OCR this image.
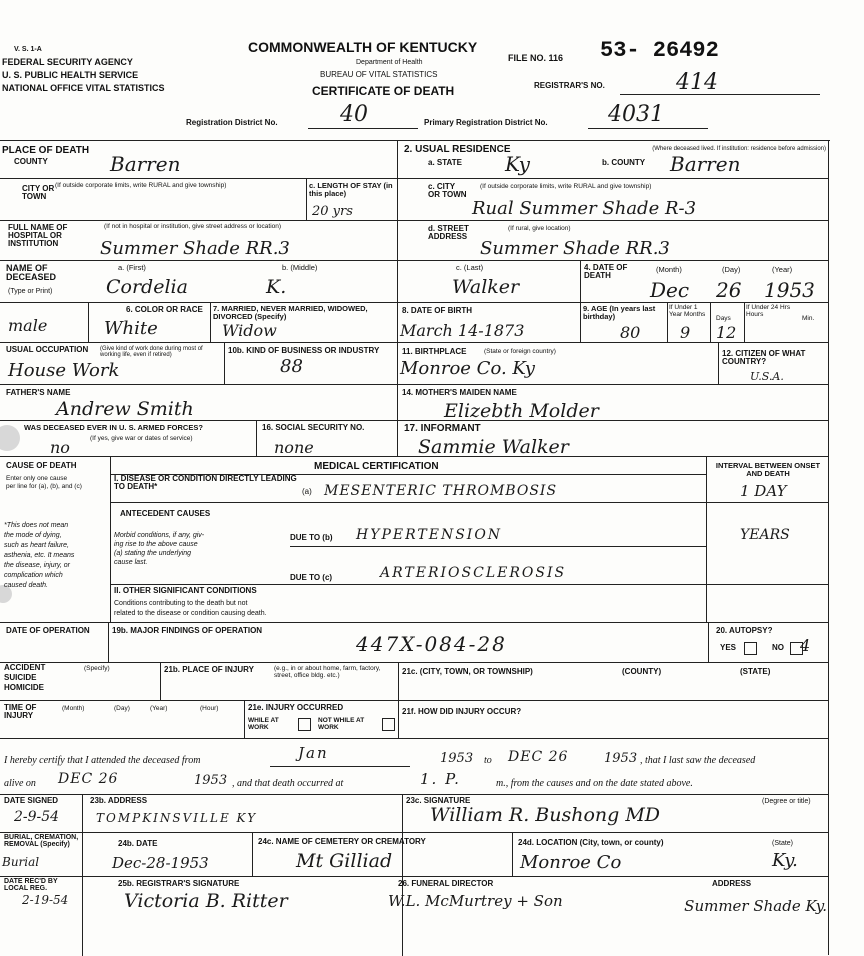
V. S. 1-A
FEDERAL SECURITY AGENCY
U. S. PUBLIC HEALTH SERVICE
NATIONAL OFFICE VITAL STATISTICS
COMMONWEALTH OF KENTUCKY
Department of Health
BUREAU OF VITAL STATISTICS
CERTIFICATE OF DEATH
FILE NO. 116 53- 26492
REGISTRAR'S NO.	414
Registration District No.	40	Primary Registration District No.	4031
PLACE OF DEATH
COUNTY	Barren
CITY OR TOWN
(If outside corporate limits, write RURAL and give township)	c. LENGTH OF STAY (in this place)
20 yrs
FULL NAME OF HOSPITAL OR INSTITUTION
(If not in hospital or institution, give street address or location)
Summer Shade RR.3
2. USUAL RESIDENCE	(Where deceased lived. If institution: residence before admission)
a. STATE Ky	b. COUNTY Barren
c. CITY OR TOWN
(If outside corporate limits, write RURAL and give township)
Rual Summer Shade R-3
d. STREET ADDRESS
(If rural, give location)
Summer Shade RR.3
NAME OF DECEASED
(Type or Print)
a. (First)
Cordelia
b. (Middle)
K.
c. (Last)
Walker
4. DATE OF DEATH
(Month)	(Day)	(Year)
Dec 26 1953
male
6. COLOR OR RACE
White
7. MARRIED, NEVER MARRIED, WIDOWED, DIVORCED (Specify)
Widow
8. DATE OF BIRTH
March 14-1873
9. AGE (In years last birthday)
80
If Under 1 Year Months
9
Days
12
If Under 24 Hrs Hours
Min.
USUAL OCCUPATION (Give kind of work done during most of working life, even if retired)
House Work
10b. KIND OF BUSINESS OR INDUSTRY
88
11. BIRTHPLACE	(State or foreign country)
Monroe Co. Ky
12. CITIZEN OF WHAT COUNTRY?
U.S.A.
FATHER'S NAME
Andrew Smith
14. MOTHER'S MAIDEN NAME
Elizebth Molder
WAS DECEASED EVER IN U. S. ARMED FORCES?
(If yes, give war or dates of service)
no
16. SOCIAL SECURITY NO.
none
17. INFORMANT
Sammie Walker
MEDICAL CERTIFICATION	INTERVAL BETWEEN ONSET AND DEATH
CAUSE OF DEATH
Enter only one cause
per line for (a), (b), and (c)
I. DISEASE OR CONDITION DIRECTLY LEADING TO DEATH*
(a) MESENTERIC THROMBOSIS	1 DAY
ANTECEDENT CAUSES
Morbid conditions, if any, giv-
ing rise to the above cause
(a) stating the underlying
cause last.
DUE TO (b) HYPERTENSION	YEARS
DUE TO (c)	ARTERIOSCLEROSIS
II. OTHER SIGNIFICANT CONDITIONS
Conditions contributing to the death but not
related to the disease or condition causing death.
*This does not mean
the mode of dying,
such as heart failure,
asthenia, etc. It means
the disease, injury, or
complication which
caused death.
DATE OF OPERATION	19b. MAJOR FINDINGS OF OPERATION
447X-084-28
20. AUTOPSY?
YES	NO 4
ACCIDENT
SUICIDE
HOMICIDE
(Specify)	21b. PLACE OF INJURY	(e.g., in or about home, farm, factory, street, office bldg. etc.)	21c. (CITY, TOWN, OR TOWNSHIP)	(COUNTY)	(STATE)
TIME OF INJURY
(Month)	(Day)	(Year)	(Hour)	21e. INJURY OCCURRED
WHILE AT WORK
NOT WHILE AT WORK
21f. HOW DID INJURY OCCUR?
I hereby certify that I attended the deceased from	Jan	1953 to DEC 26	1953 , that I last saw the deceased
alive on DEC 26	1953 , and that death occurred at	1. P.	m., from the causes and on the date stated above.
DATE SIGNED
2-9-54
23b. ADDRESS
TOMPKINSVILLE KY
23c. SIGNATURE	(Degree or title)
William R. Bushong MD
BURIAL, CREMATION, REMOVAL (Specify)
Burial
24b. DATE
Dec-28-1953
24c. NAME OF CEMETERY OR CREMATORY
Mt Gilliad
24d. LOCATION (City, town, or county)
Monroe Co
(State)
Ky.
DATE REC'D BY LOCAL REG.
2-19-54
25b. REGISTRAR'S SIGNATURE
Victoria B. Ritter
26. FUNERAL DIRECTOR
W.L. McMurtrey + Son
ADDRESS
Summer Shade Ky.
